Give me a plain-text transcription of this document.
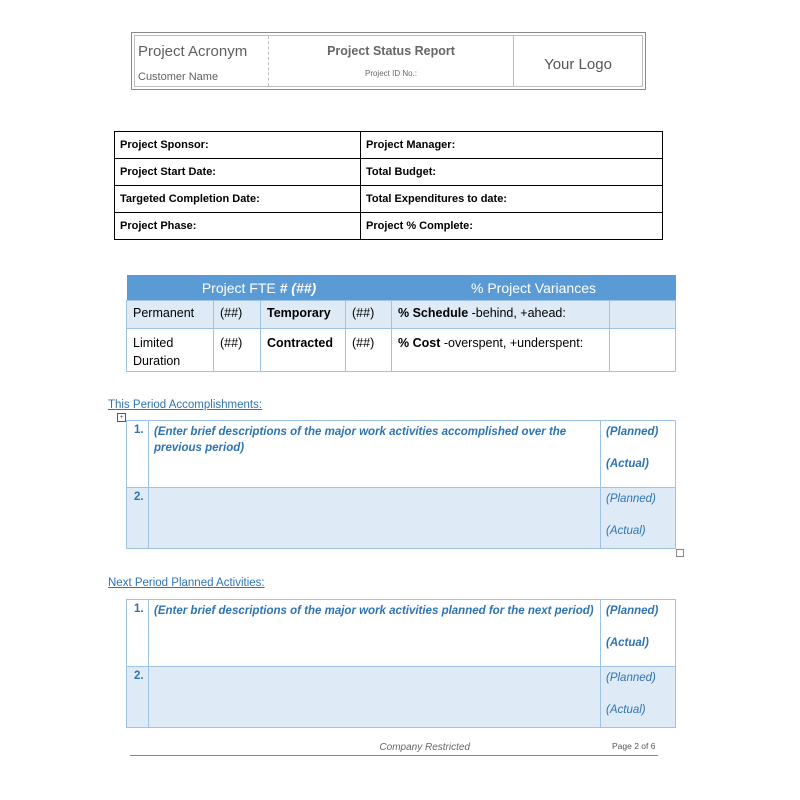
Project Acronym
Customer Name
Project Status Report
Project ID No.:
Your Logo
Project Sponsor:	Project Manager:
Project Start Date:	Total Budget:
Targeted Completion Date:	Total Expenditures to date:
Project Phase:	Project % Complete:
Project FTE # (##)				% Project Variances	
Permanent	(##)	Temporary	(##)	% Schedule -behind, +ahead:	
Limited Duration	(##)	Contracted	(##)	% Cost -overspent, +underspent:	
This Period Accomplishments:
+
1.	(Enter brief descriptions of the major work activities accomplished over the previous period)	(Planned)
(Actual)

2.		(Planned)
(Actual)
Next Period Planned Activities:
1.	(Enter brief descriptions of the major work activities planned for the next period)	(Planned)
(Actual)

2.		(Planned)
(Actual)
Company Restricted	Page 2 of 6
